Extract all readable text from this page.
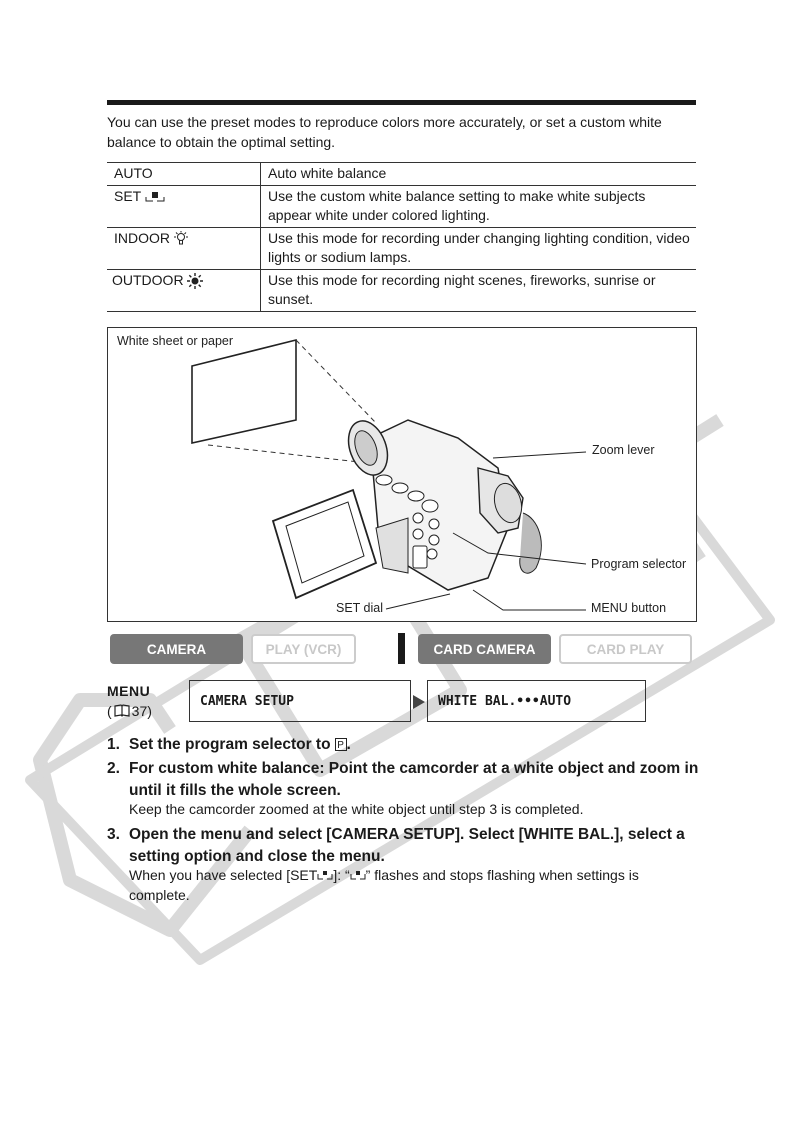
You can use the preset modes to reproduce colors more accurately, or set a custom white balance to obtain the optimal setting.
AUTO	Auto white balance
SET	Use the custom white balance setting to make white subjects appear white under colored lighting.
INDOOR	Use this mode for recording under changing lighting condition, video lights or sodium lamps.
OUTDOOR	Use this mode for recording night scenes, fireworks, sunrise or sunset.
White sheet or paper
Zoom lever
Program selector
SET dial	MENU button
CAMERA	PLAY (VCR)	CARD CAMERA	CARD PLAY
MENU
( 37)
CAMERA SETUP	WHITE BAL.•••AUTO
1. Set the program selector to P .
2. For custom white balance: Point the camcorder at a white object and zoom in until it fills the whole screen.
Keep the camcorder zoomed at the white object until step 3 is completed.
3. Open the menu and select [CAMERA SETUP]. Select [WHITE BAL.], select a setting option and close the menu.
When you have selected [SET ]: “ ” flashes and stops flashing when settings is complete.
